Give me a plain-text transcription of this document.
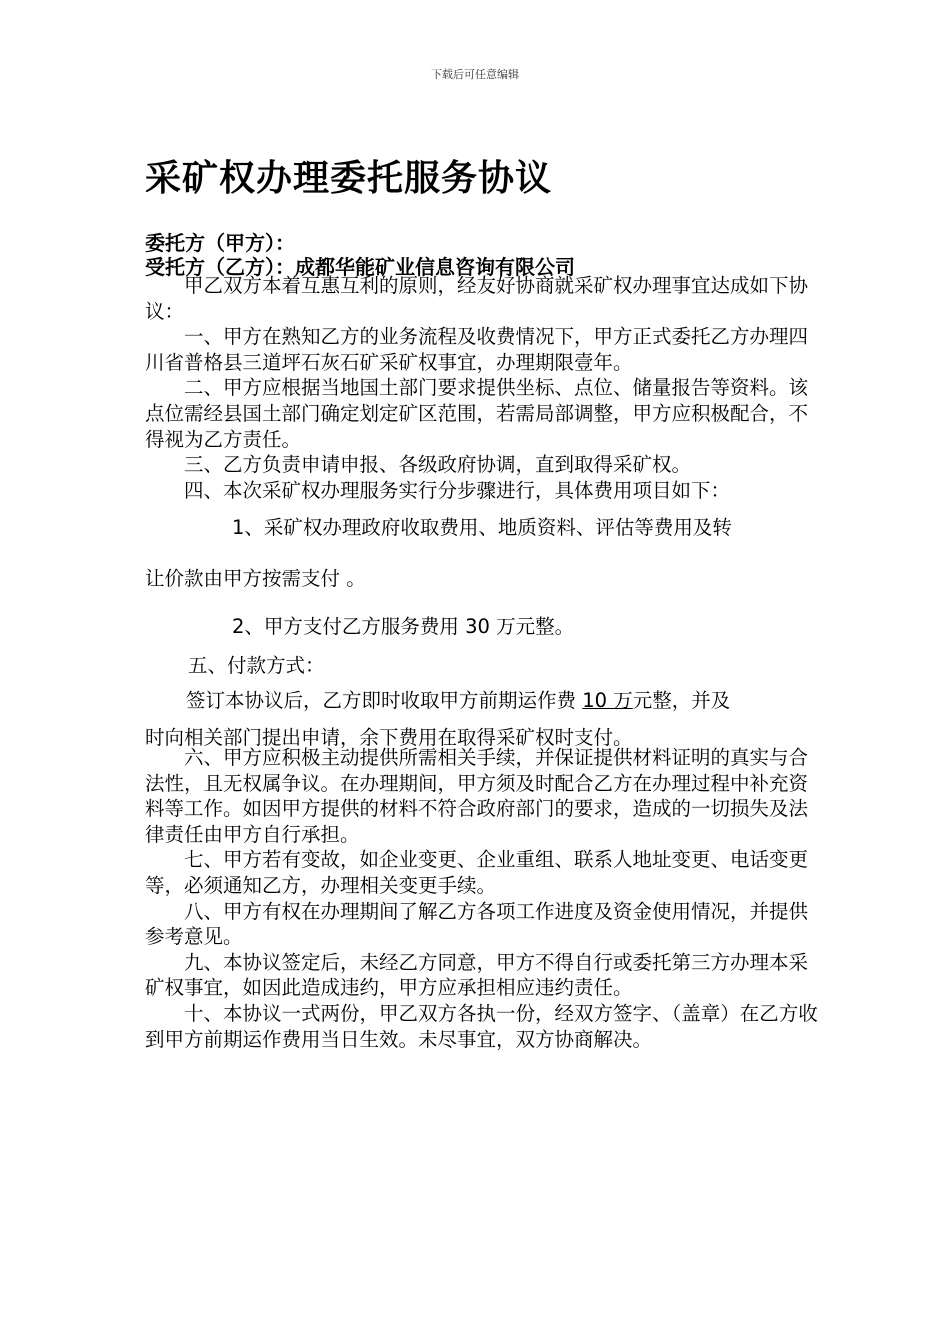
下载后可任意编辑
采矿权办理委托服务协议
委托方（甲方）：
受托方（乙方）：成都华能矿业信息咨询有限公司

甲乙双方本着互惠互利的原则，经友好协商就采矿权办理事宜达成如下协议：

一、甲方在熟知乙方的业务流程及收费情况下，甲方正式委托乙方办理四川省普格县三道坪石灰石矿采矿权事宜，办理期限壹年。

二、甲方应根据当地国土部门要求提供坐标、点位、储量报告等资料。该点位需经县国土部门确定划定矿区范围，若需局部调整，甲方应积极配合，不得视为乙方责任。

三、乙方负责申请申报、各级政府协调，直到取得采矿权。

四、本次采矿权办理服务实行分步骤进行，具体费用项目如下：

1、采矿权办理政府收取费用、地质资料、评估等费用及转
让价款由甲方按需支付 。
2、甲方支付乙方服务费用 30 万元整。
五、付款方式：
签订本协议后，乙方即时收取甲方前期运作费 10 万元整，并及
时向相关部门提出申请，余下费用在取得采矿权时支付。

六、甲方应积极主动提供所需相关手续，并保证提供材料证明的真实与合法性，且无权属争议。在办理期间，甲方须及时配合乙方在办理过程中补充资料等工作。如因甲方提供的材料不符合政府部门的要求，造成的一切损失及法律责任由甲方自行承担。

七、甲方若有变故，如企业变更、企业重组、联系人地址变更、电话变更等，必须通知乙方，办理相关变更手续。

八、甲方有权在办理期间了解乙方各项工作进度及资金使用情况，并提供参考意见。

九、本协议签定后，未经乙方同意，甲方不得自行或委托第三方办理本采矿权事宜，如因此造成违约，甲方应承担相应违约责任。

十、本协议一式两份，甲乙双方各执一份，经双方签字、（盖章）在乙方收到甲方前期运作费用当日生效。未尽事宜，双方协商解决。
